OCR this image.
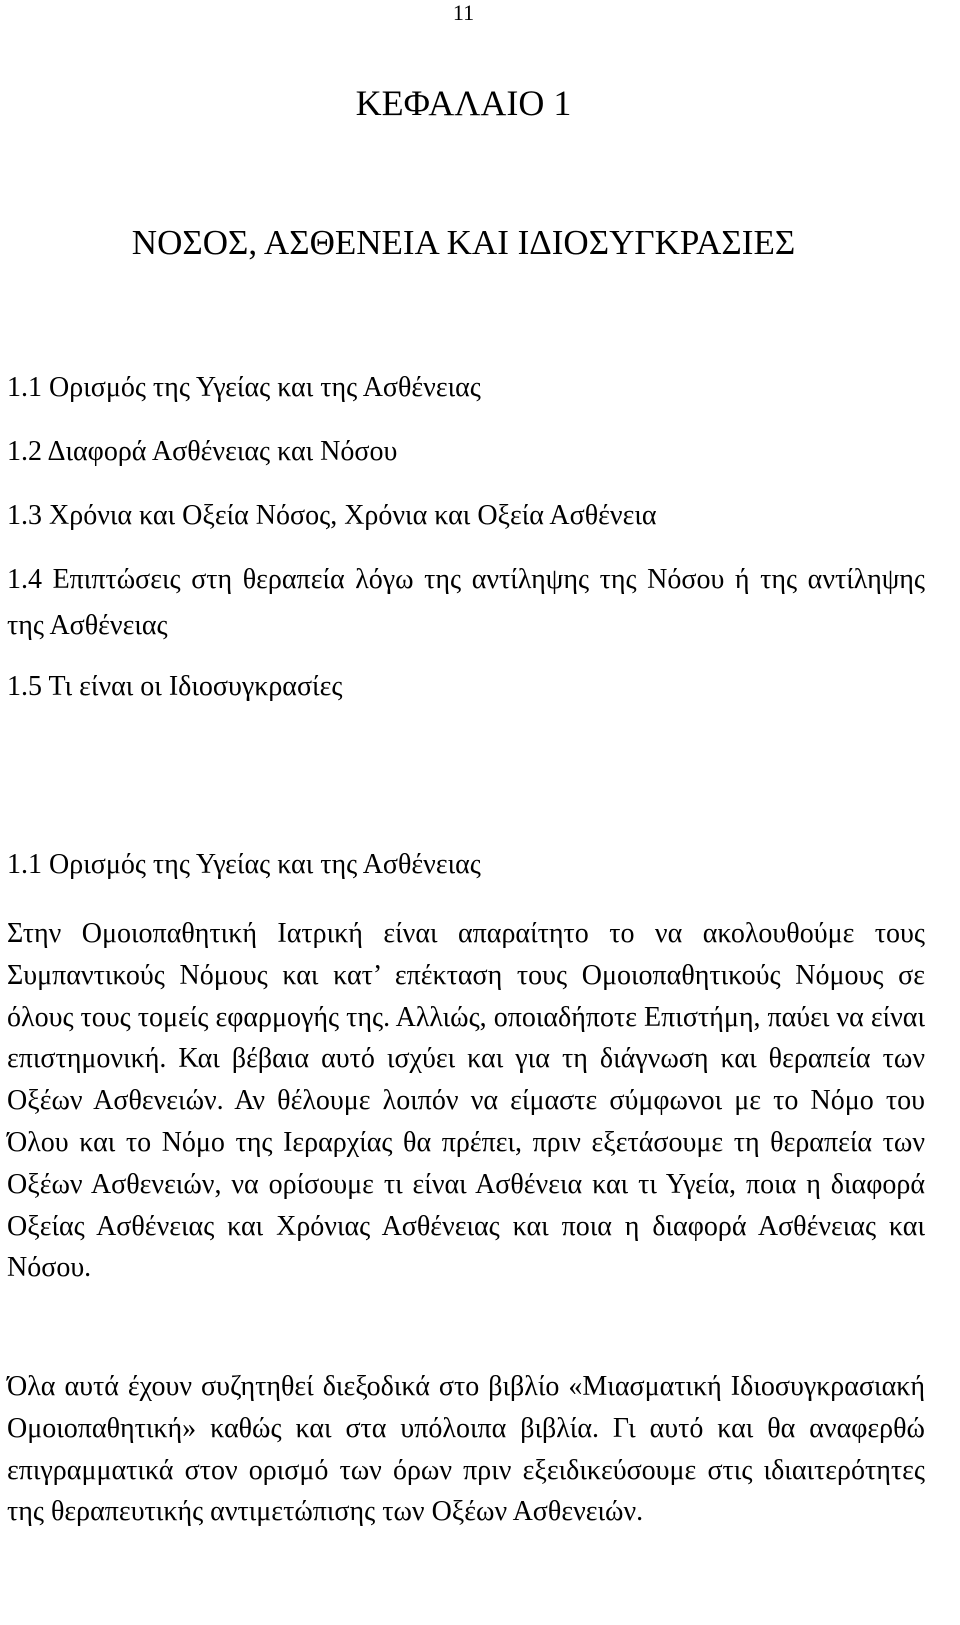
11
ΚΕΦΑΛΑΙΟ 1
ΝΟΣΟΣ, ΑΣΘΕΝΕΙΑ ΚΑΙ ΙΔΙΟΣΥΓΚΡΑΣΙΕΣ
1.1 Ορισμός της Υγείας και της Ασθένειας
1.2 Διαφορά Ασθένειας και Νόσου
1.3 Χρόνια και Οξεία Νόσος, Χρόνια και Οξεία Ασθένεια
1.4 Επιπτώσεις στη θεραπεία λόγω της αντίληψης της Νόσου ή της αντίληψης της Ασθένειας
1.5 Τι είναι οι Ιδιοσυγκρασίες
1.1 Ορισμός της Υγείας και της Ασθένειας

Στην Ομοιοπαθητική Ιατρική είναι απαραίτητο το να ακολουθούμε τους Συμπαντικούς Νόμους και κατ’ επέκταση τους Ομοιοπαθητικούς Νόμους σε όλους τους τομείς εφαρμογής της. Αλλιώς, οποιαδήποτε Επιστήμη, παύει να είναι επιστημονική. Και βέβαια αυτό ισχύει και για τη διάγνωση και θεραπεία των Οξέων Ασθενειών. Αν θέλουμε λοιπόν να είμαστε σύμφωνοι με το Νόμο του Όλου και το Νόμο της Ιεραρχίας θα πρέπει, πριν εξετάσουμε τη θεραπεία των Οξέων Ασθενειών, να ορίσουμε τι είναι Ασθένεια και τι Υγεία, ποια η διαφορά Οξείας Ασθένειας και Χρόνιας Ασθένειας και ποια η διαφορά Ασθένειας και Νόσου.

Όλα αυτά έχουν συζητηθεί διεξοδικά στο βιβλίο «Μιασματική Ιδιοσυγκρασιακή Ομοιοπαθητική» καθώς και στα υπόλοιπα βιβλία. Γι αυτό και θα αναφερθώ επιγραμματικά στον ορισμό των όρων πριν εξειδικεύσουμε στις ιδιαιτερότητες της θεραπευτικής αντιμετώπισης των Οξέων Ασθενειών.
